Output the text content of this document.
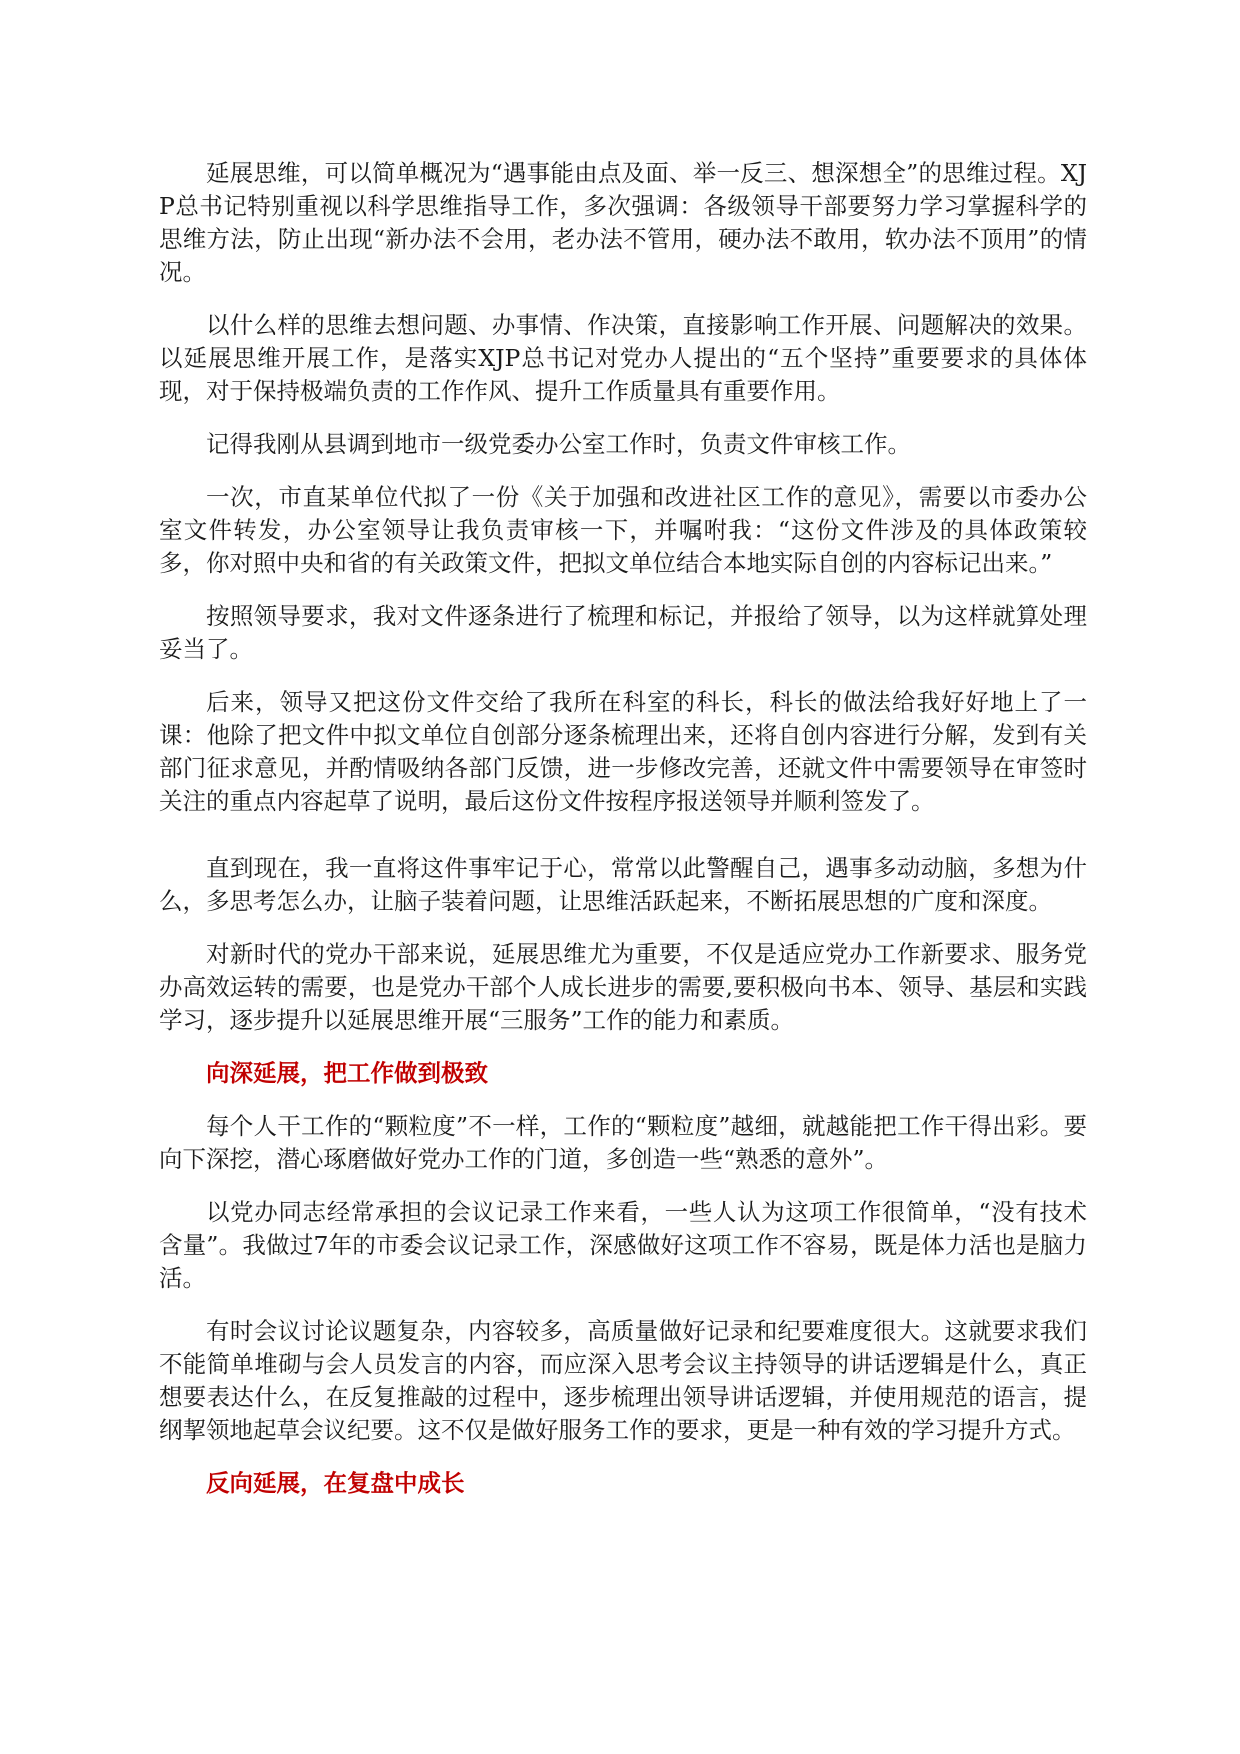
延展思维，可以简单概况为“遇事能由点及面、举一反三、想深想全”的思维过程。XJP总书记特别重视以科学思维指导工作，多次强调：各级领导干部要努力学习掌握科学的思维方法，防止出现“新办法不会用，老办法不管用，硬办法不敢用，软办法不顶用”的情况。

以什么样的思维去想问题、办事情、作决策，直接影响工作开展、问题解决的效果。以延展思维开展工作，是落实XJP总书记对党办人提出的“五个坚持”重要要求的具体体现，对于保持极端负责的工作作风、提升工作质量具有重要作用。

记得我刚从县调到地市一级党委办公室工作时，负责文件审核工作。

一次，市直某单位代拟了一份《关于加强和改进社区工作的意见》，需要以市委办公室文件转发，办公室领导让我负责审核一下，并嘱咐我：“这份文件涉及的具体政策较多，你对照中央和省的有关政策文件，把拟文单位结合本地实际自创的内容标记出来。”

按照领导要求，我对文件逐条进行了梳理和标记，并报给了领导，以为这样就算处理妥当了。

后来，领导又把这份文件交给了我所在科室的科长，科长的做法给我好好地上了一课：他除了把文件中拟文单位自创部分逐条梳理出来，还将自创内容进行分解，发到有关部门征求意见，并酌情吸纳各部门反馈，进一步修改完善，还就文件中需要领导在审签时关注的重点内容起草了说明，最后这份文件按程序报送领导并顺利签发了。

直到现在，我一直将这件事牢记于心，常常以此警醒自己，遇事多动动脑，多想为什么，多思考怎么办，让脑子装着问题，让思维活跃起来，不断拓展思想的广度和深度。

对新时代的党办干部来说，延展思维尤为重要，不仅是适应党办工作新要求、服务党办高效运转的需要，也是党办干部个人成长进步的需要,要积极向书本、领导、基层和实践学习，逐步提升以延展思维开展“三服务”工作的能力和素质。

向深延展，把工作做到极致

每个人干工作的“颗粒度”不一样，工作的“颗粒度”越细，就越能把工作干得出彩。要向下深挖，潜心琢磨做好党办工作的门道，多创造一些“熟悉的意外”。

以党办同志经常承担的会议记录工作来看，一些人认为这项工作很简单，“没有技术含量”。我做过7年的市委会议记录工作，深感做好这项工作不容易，既是体力活也是脑力活。

有时会议讨论议题复杂，内容较多，高质量做好记录和纪要难度很大。这就要求我们不能简单堆砌与会人员发言的内容，而应深入思考会议主持领导的讲话逻辑是什么，真正想要表达什么，在反复推敲的过程中，逐步梳理出领导讲话逻辑，并使用规范的语言，提纲挈领地起草会议纪要。这不仅是做好服务工作的要求，更是一种有效的学习提升方式。

反向延展，在复盘中成长
